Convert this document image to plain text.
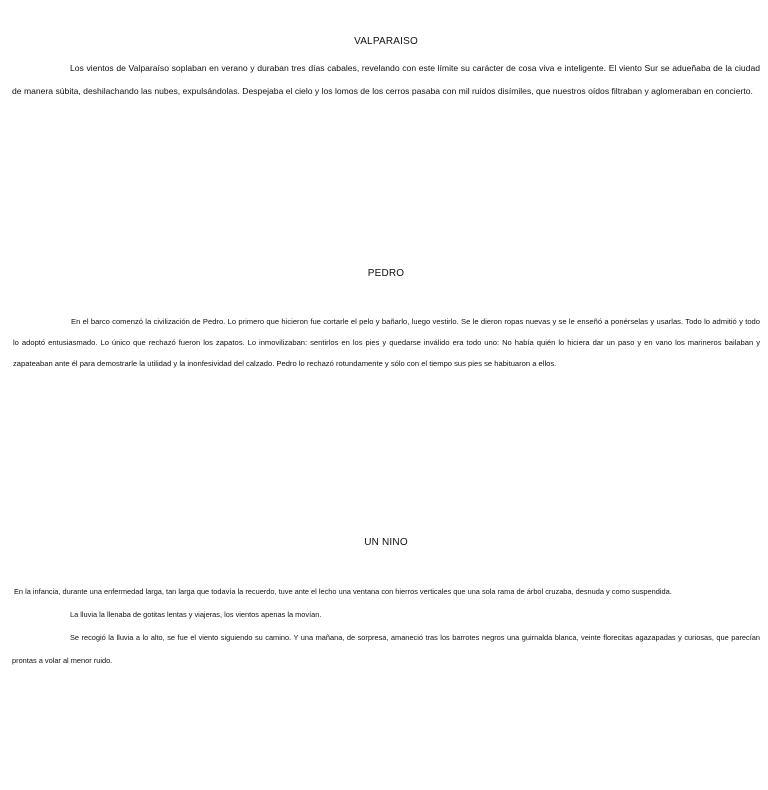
VALPARAISO

Los vientos de Valparaíso soplaban en verano y duraban tres días cabales, revelando con este límite su carácter de cosa viva e inteligente. El viento Sur se adueñaba de la ciudad de manera súbita, deshilachando las nubes, expulsándolas. Despejaba el cielo y los lomos de los cerros pasaba con mil ruidos disímiles, que nuestros oídos filtraban y aglomeraban en concierto.

PEDRO

En el barco comenzó la civilización de Pedro. Lo primero que hicieron fue cortarle el pelo y bañarlo, luego vestirlo. Se le dieron ropas nuevas y se le enseñó a ponérselas y usarlas. Todo lo admitió y todo lo adoptó entusiasmado. Lo único que rechazó fueron los zapatos. Lo inmovilizaban: sentirlos en los pies y quedarse inválido era todo uno: No había quién lo hiciera dar un paso y en vano los marineros bailaban y zapateaban ante él para demostrarle la utilidad y la inonfesividad del calzado. Pedro lo rechazó rotundamente y sólo con el tiempo sus pies se habituaron a ellos.

UN NINO

En la infancia, durante una enfermedad larga, tan larga que todavía la recuerdo, tuve ante el lecho una ventana con hierros verticales que una sola rama de árbol cruzaba, desnuda y como suspendida.

La lluvia la llenaba de gotitas lentas y viajeras, los vientos apenas la movían.

Se recogió la lluvia a lo alto, se fue el viento siguiendo su camino. Y una mañana, de sorpresa, amaneció tras los barrotes negros una guirnalda blanca, veinte florecitas agazapadas y curiosas, que parecían prontas a volar al menor ruido.
